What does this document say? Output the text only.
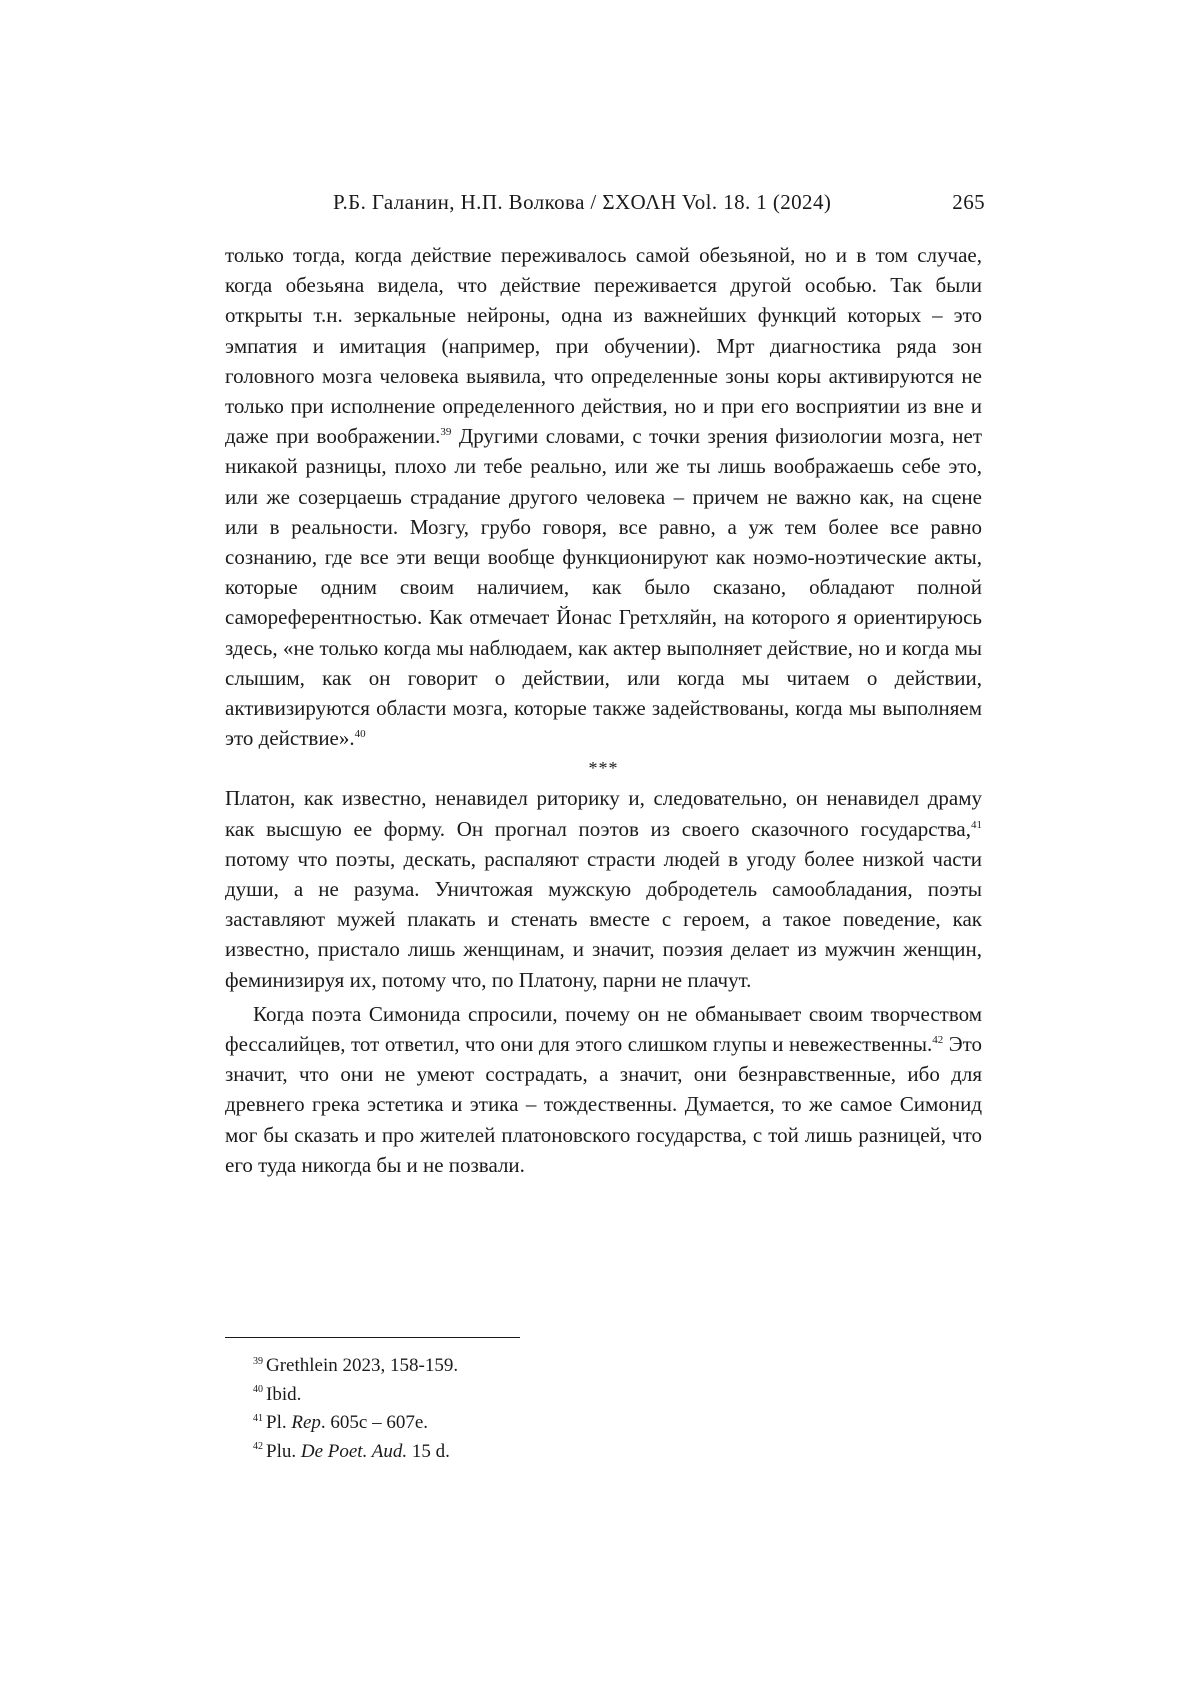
Р.Б. Галанин, Н.П. Волкова / ΣΧΟΛΗ Vol. 18. 1 (2024)	265

только тогда, когда действие переживалось самой обезьяной, но и в том случае, когда обезьяна видела, что действие переживается другой особью. Так были открыты т.н. зеркальные нейроны, одна из важнейших функций которых – это эмпатия и имитация (например, при обучении). Мрт диагностика ряда зон головного мозга человека выявила, что определенные зоны коры активируются не только при исполнение определенного действия, но и при его восприятии из вне и даже при воображении.$^{39}$ Другими словами, с точки зрения физиологии мозга, нет никакой разницы, плохо ли тебе реально, или же ты лишь воображаешь себе это, или же созерцаешь страдание другого человека – причем не важно как, на сцене или в реальности. Мозгу, грубо говоря, все равно, а уж тем более все равно сознанию, где все эти вещи вообще функционируют как ноэмо-ноэтические акты, которые одним своим наличием, как было сказано, обладают полной самореферентностью. Как отмечает Йонас Гретхляйн, на которого я ориентируюсь здесь, «не только когда мы наблюдаем, как актер выполняет действие, но и когда мы слышим, как он говорит о действии, или когда мы читаем о действии, активизируются области мозга, которые также задействованы, когда мы выполняем это действие».$^{40}$

***

Платон, как известно, ненавидел риторику и, следовательно, он ненавидел драму как высшую ее форму. Он прогнал поэтов из своего сказочного государства,$^{41}$ потому что поэты, дескать, распаляют страсти людей в угоду более низкой части души, а не разума. Уничтожая мужскую добродетель самообладания, поэты заставляют мужей плакать и стенать вместе с героем, а такое поведение, как известно, пристало лишь женщинам, и значит, поэзия делает из мужчин женщин, феминизируя их, потому что, по Платону, парни не плачут.

Когда поэта Симонида спросили, почему он не обманывает своим творчеством фессалийцев, тот ответил, что они для этого слишком глупы и невежественны.$^{42}$ Это значит, что они не умеют сострадать, а значит, они безнравственные, ибо для древнего грека эстетика и этика – тождественны. Думается, то же самое Симонид мог бы сказать и про жителей платоновского государства, с той лишь разницей, что его туда никогда бы и не позвали.

$^{39}$ Grethlein 2023, 158-159.
$^{40}$ Ibid.
$^{41}$ Pl. Rep. 605c – 607e.
$^{42}$ Plu. De Poet. Aud. 15 d.
